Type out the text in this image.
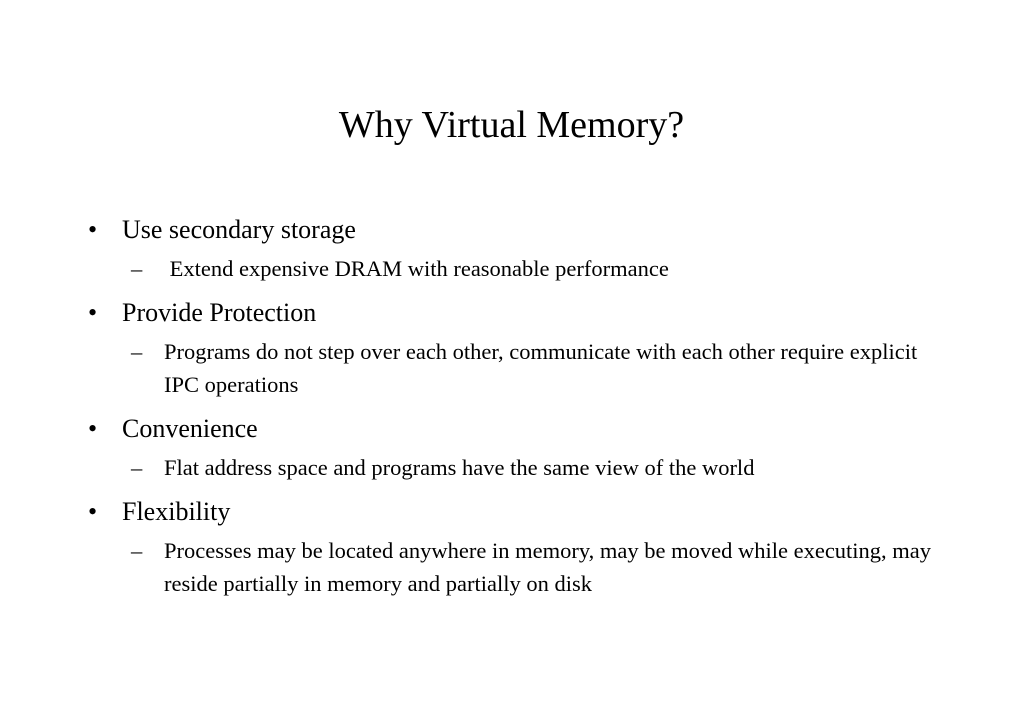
Why Virtual Memory?
• Use secondary storage
– Extend expensive DRAM with reasonable performance
• Provide Protection
– Programs do not step over each other, communicate with each other require explicit IPC operations
• Convenience
– Flat address space and programs have the same view of the world
• Flexibility
– Processes may be located anywhere in memory, may be moved while executing, may reside partially in memory and partially on disk
